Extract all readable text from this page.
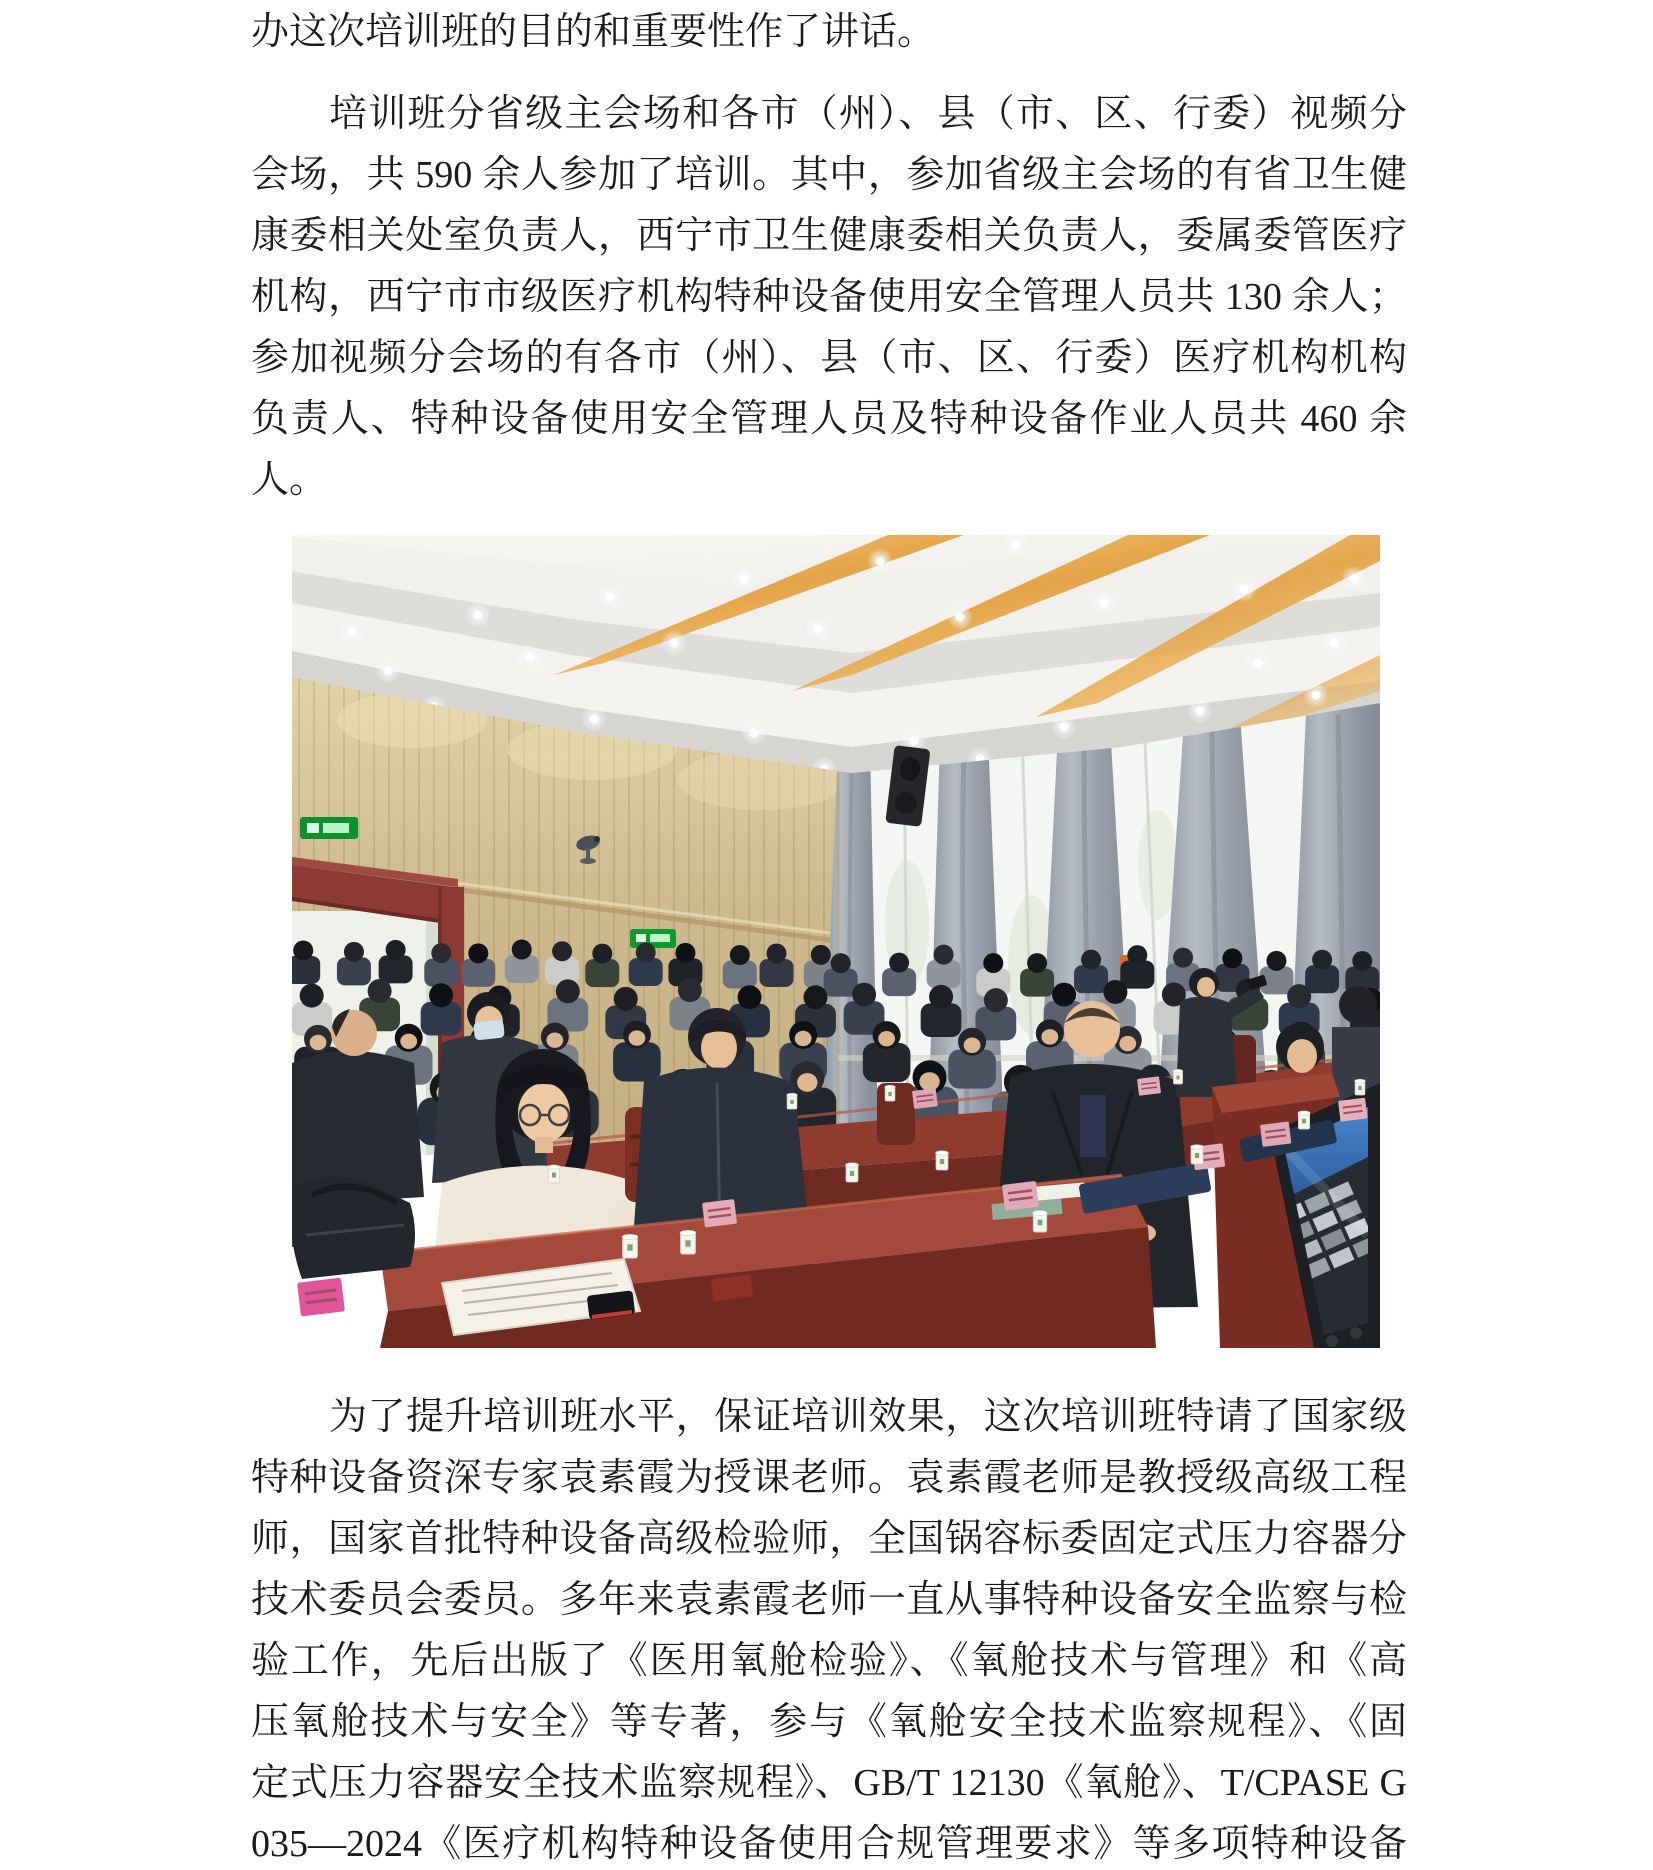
办这次培训班的目的和重要性作了讲话。
培训班分省级主会场和各市（州）、县（市、区、行委）视频分
会场，共 590 余人参加了培训。其中，参加省级主会场的有省卫生健
康委相关处室负责人，西宁市卫生健康委相关负责人，委属委管医疗
机构，西宁市市级医疗机构特种设备使用安全管理人员共 130 余人；
参加视频分会场的有各市（州）、县（市、区、行委）医疗机构机构
负责人、特种设备使用安全管理人员及特种设备作业人员共 460 余
人。
为了提升培训班水平，保证培训效果，这次培训班特请了国家级
特种设备资深专家袁素霞为授课老师。袁素霞老师是教授级高级工程
师，国家首批特种设备高级检验师，全国锅容标委固定式压力容器分
技术委员会委员。多年来袁素霞老师一直从事特种设备安全监察与检
验工作，先后出版了《医用氧舱检验》、《氧舱技术与管理》和《高
压氧舱技术与安全》等专著，参与《氧舱安全技术监察规程》、《固
定式压力容器安全技术监察规程》、GB/T 12130《氧舱》、T/CPASE G
035—2024《医疗机构特种设备使用合规管理要求》等多项特种设备
